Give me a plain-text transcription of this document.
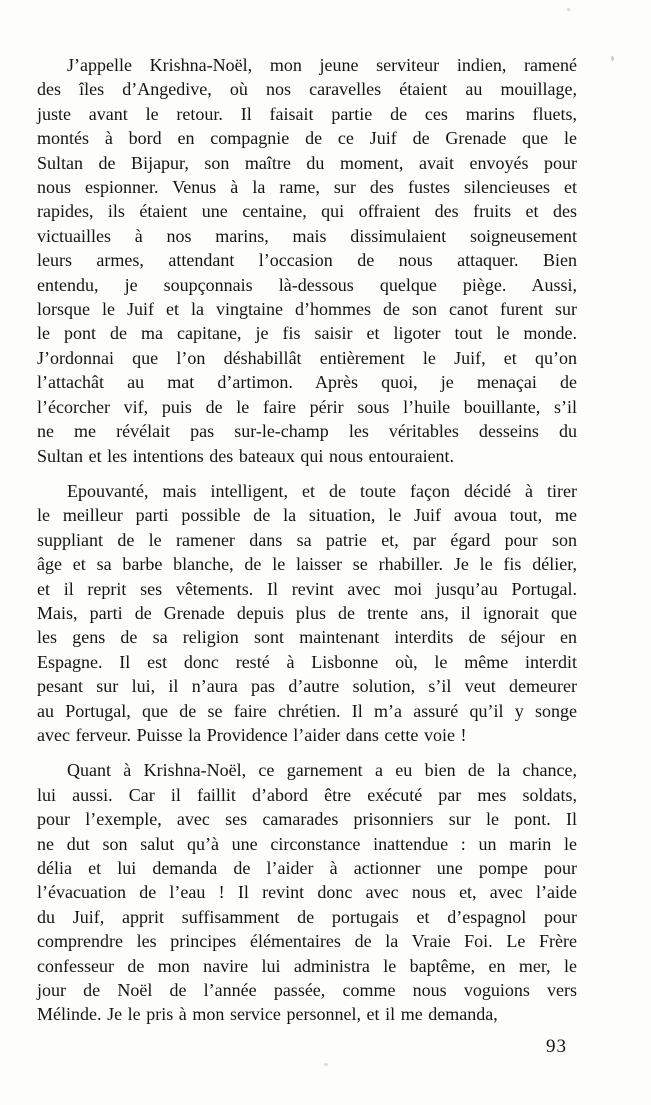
J’appelle Krishna-Noël, mon jeune serviteur indien, ramené
des îles d’Angedive, où nos caravelles étaient au mouillage,
juste avant le retour. Il faisait partie de ces marins fluets,
montés à bord en compagnie de ce Juif de Grenade que le
Sultan de Bijapur, son maître du moment, avait envoyés pour
nous espionner. Venus à la rame, sur des fustes silencieuses et
rapides, ils étaient une centaine, qui offraient des fruits et des
victuailles à nos marins, mais dissimulaient soigneusement
leurs armes, attendant l’occasion de nous attaquer. Bien
entendu, je soupçonnais là-dessous quelque piège. Aussi,
lorsque le Juif et la vingtaine d’hommes de son canot furent sur
le pont de ma capitane, je fis saisir et ligoter tout le monde.
J’ordonnai que l’on déshabillât entièrement le Juif, et qu’on
l’attachât au mat d’artimon. Après quoi, je menaçai de
l’écorcher vif, puis de le faire périr sous l’huile bouillante, s’il
ne me révélait pas sur-le-champ les véritables desseins du
Sultan et les intentions des bateaux qui nous entouraient.
Epouvanté, mais intelligent, et de toute façon décidé à tirer
le meilleur parti possible de la situation, le Juif avoua tout, me
suppliant de le ramener dans sa patrie et, par égard pour son
âge et sa barbe blanche, de le laisser se rhabiller. Je le fis délier,
et il reprit ses vêtements. Il revint avec moi jusqu’au Portugal.
Mais, parti de Grenade depuis plus de trente ans, il ignorait que
les gens de sa religion sont maintenant interdits de séjour en
Espagne. Il est donc resté à Lisbonne où, le même interdit
pesant sur lui, il n’aura pas d’autre solution, s’il veut demeurer
au Portugal, que de se faire chrétien. Il m’a assuré qu’il y songe
avec ferveur. Puisse la Providence l’aider dans cette voie !
Quant à Krishna-Noël, ce garnement a eu bien de la chance,
lui aussi. Car il faillit d’abord être exécuté par mes soldats,
pour l’exemple, avec ses camarades prisonniers sur le pont. Il
ne dut son salut qu’à une circonstance inattendue : un marin le
délia et lui demanda de l’aider à actionner une pompe pour
l’évacuation de l’eau ! Il revint donc avec nous et, avec l’aide
du Juif, apprit suffisamment de portugais et d’espagnol pour
comprendre les principes élémentaires de la Vraie Foi. Le Frère
confesseur de mon navire lui administra le baptême, en mer, le
jour de Noël de l’année passée, comme nous voguions vers
Mélinde. Je le pris à mon service personnel, et il me demanda,
93
